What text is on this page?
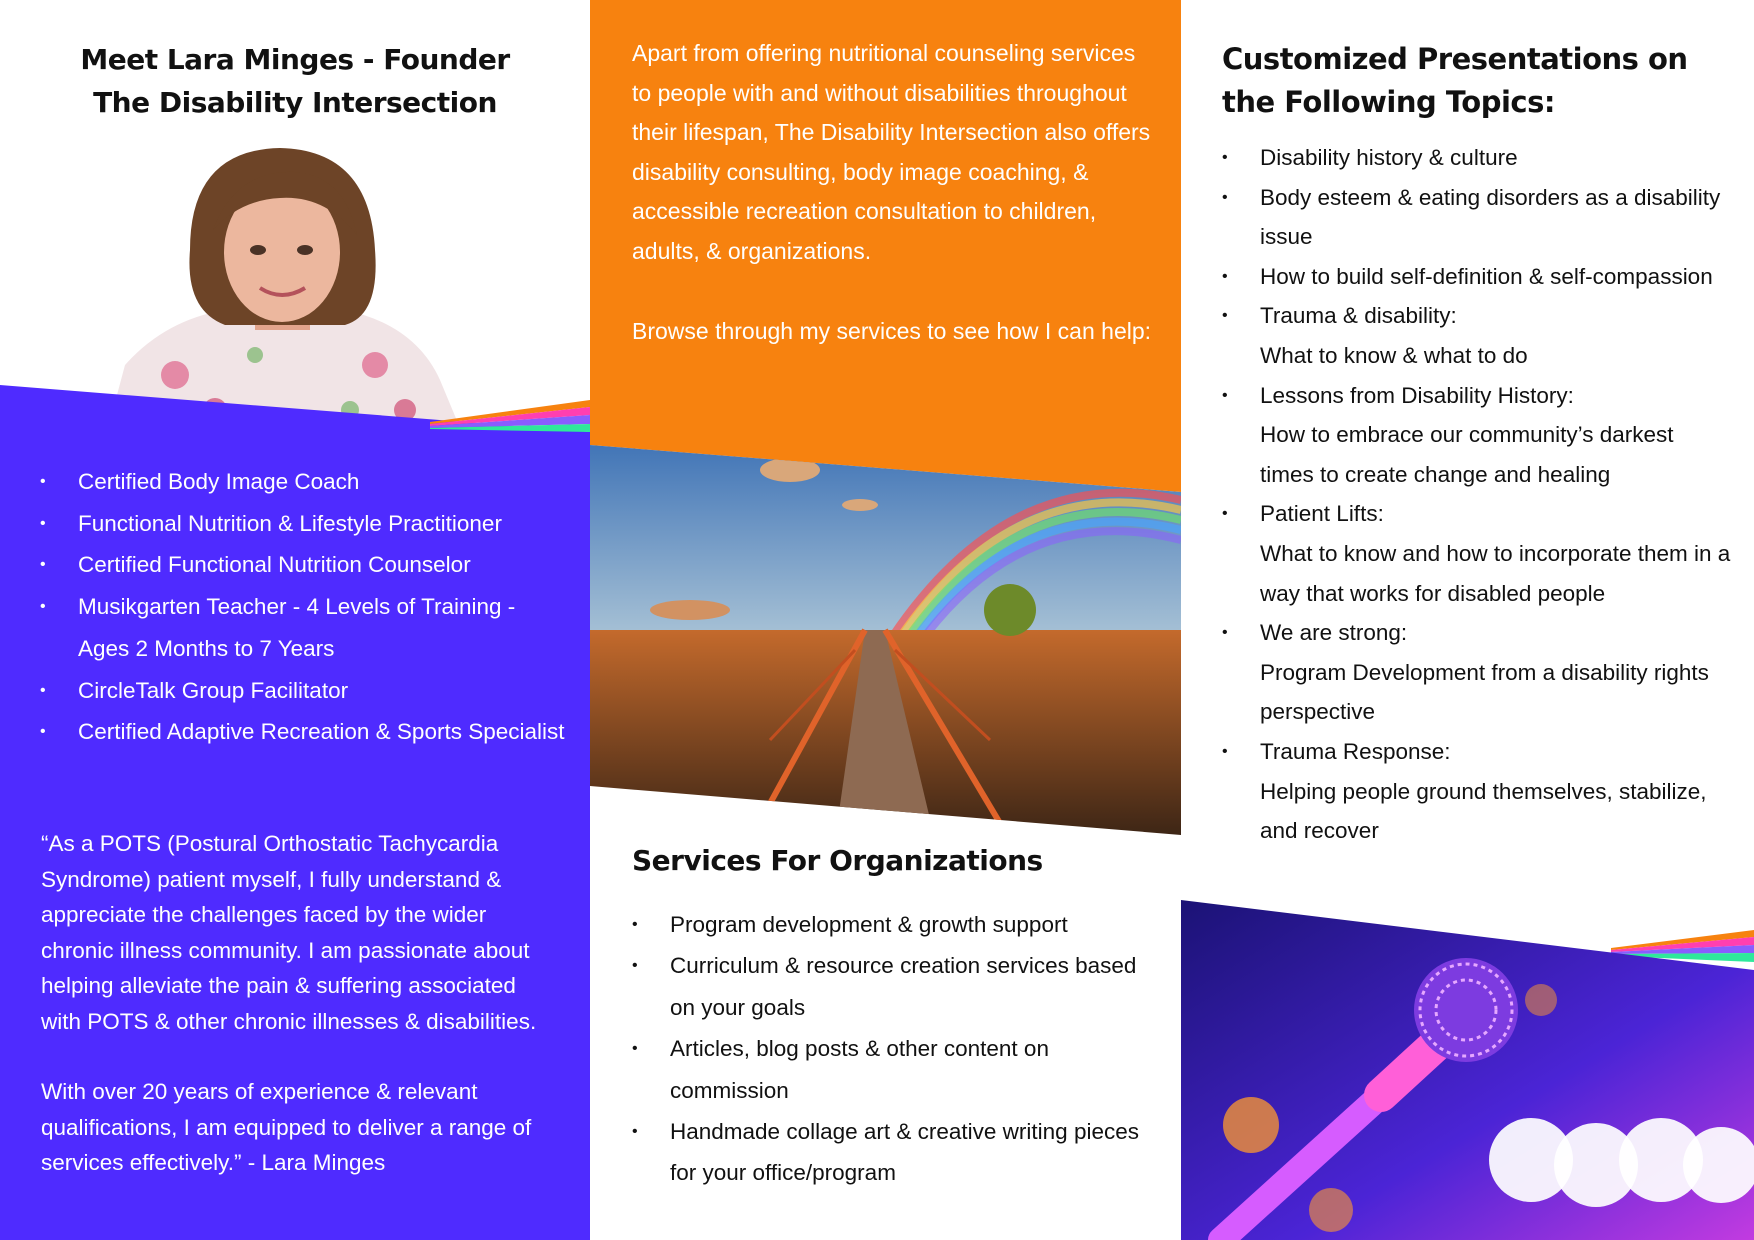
Meet Lara Minges - Founder
The Disability Intersection
• Certified Body Image Coach
• Functional Nutrition & Lifestyle Practitioner
• Certified Functional Nutrition Counselor
• Musikgarten Teacher - 4 Levels of Training - Ages 2 Months to 7 Years
• CircleTalk Group Facilitator
• Certified Adaptive Recreation & Sports Specialist

“As a POTS (Postural Orthostatic Tachycardia Syndrome) patient myself, I fully understand & appreciate the challenges faced by the wider chronic illness community. I am passionate about helping alleviate the pain & suffering associated with POTS & other chronic illnesses & disabilities.

With over 20 years of experience & relevant qualifications, I am equipped to deliver a range of services effectively.” - Lara Minges

Apart from offering nutritional counseling services to people with and without disabilities throughout their lifespan, The Disability Intersection also offers disability consulting, body image coaching, & accessible recreation consultation to children, adults, & organizations.

Browse through my services to see how I can help:

Services For Organizations
• Program development & growth support
• Curriculum & resource creation services based on your goals
• Articles, blog posts & other content on commission
• Handmade collage art & creative writing pieces for your office/program
Customized Presentations on the Following Topics:
• Disability history & culture
• Body esteem & eating disorders as a disability issue
• How to build self-definition & self-compassion
• Trauma & disability:
What to know & what to do
• Lessons from Disability History:
How to embrace our community’s darkest times to create change and healing
• Patient Lifts:
What to know and how to incorporate them in a way that works for disabled people
• We are strong:
Program Development from a disability rights perspective
• Trauma Response:
Helping people ground themselves, stabilize, and recover
